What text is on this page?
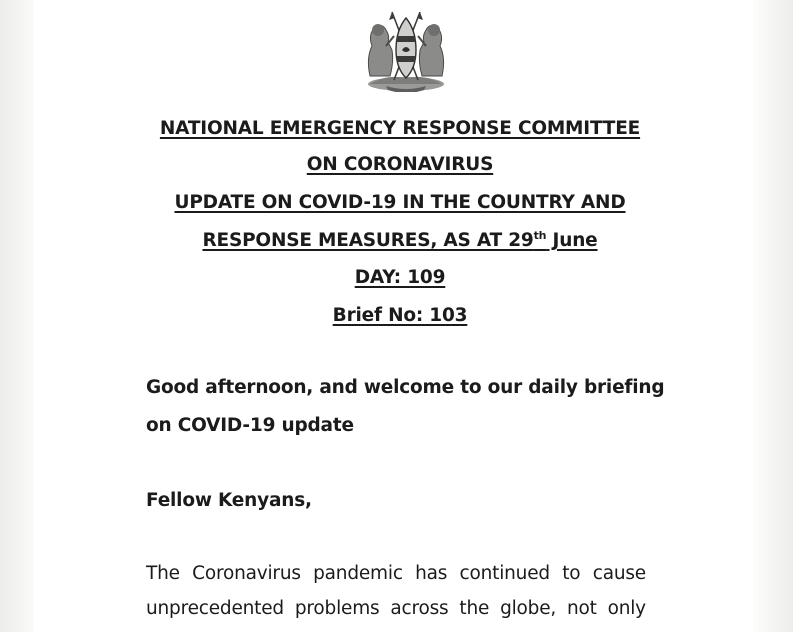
NATIONAL EMERGENCY RESPONSE COMMITTEE
ON CORONAVIRUS
UPDATE ON COVID-19 IN THE COUNTRY AND
RESPONSE MEASURES, AS AT 29th June
DAY: 109
Brief No: 103
Good afternoon, and welcome to our daily briefing
on COVID-19 update
Fellow Kenyans,
The Coronavirus pandemic has continued to cause
unprecedented problems across the globe, not only
